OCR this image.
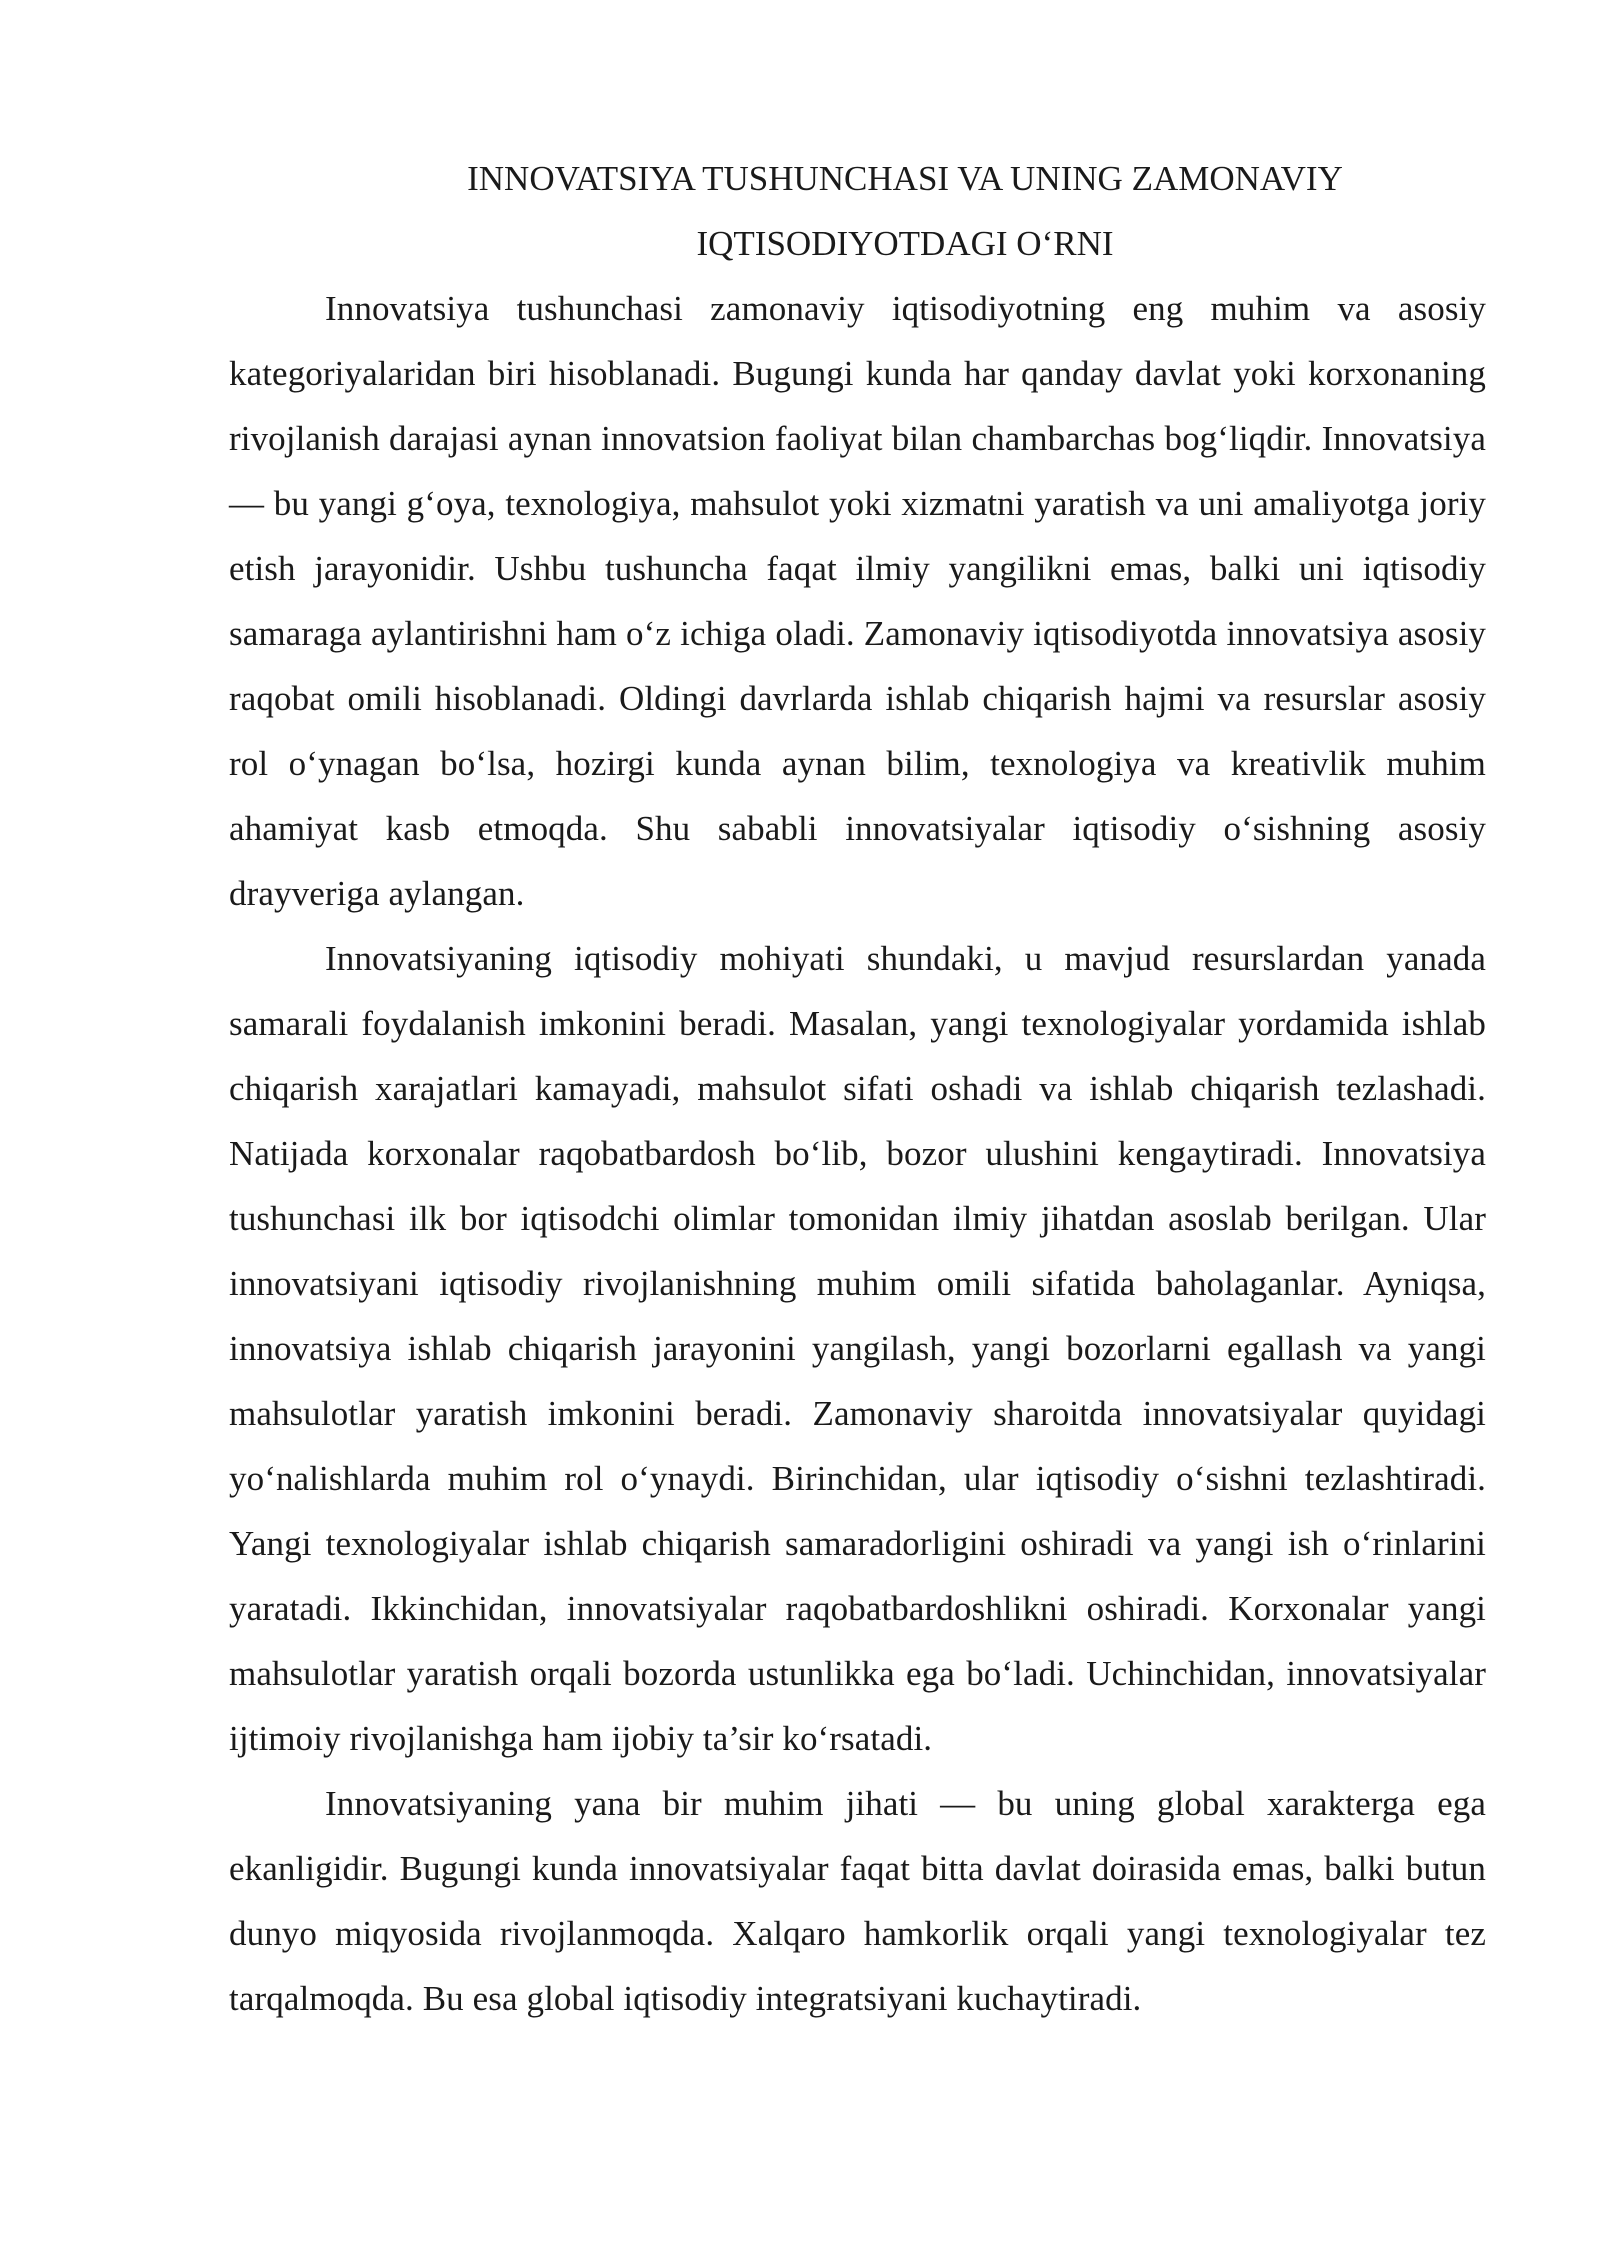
INNOVATSIYA TUSHUNCHASI VA UNING ZAMONAVIY
IQTISODIYOTDAGI O‘RNI

Innovatsiya tushunchasi zamonaviy iqtisodiyotning eng muhim va asosiy kategoriyalaridan biri hisoblanadi. Bugungi kunda har qanday davlat yoki korxonaning rivojlanish darajasi aynan innovatsion faoliyat bilan chambarchas bog‘liqdir. Innovatsiya — bu yangi g‘oya, texnologiya, mahsulot yoki xizmatni yaratish va uni amaliyotga joriy etish jarayonidir. Ushbu tushuncha faqat ilmiy yangilikni emas, balki uni iqtisodiy samaraga aylantirishni ham o‘z ichiga oladi. Zamonaviy iqtisodiyotda innovatsiya asosiy raqobat omili hisoblanadi. Oldingi davrlarda ishlab chiqarish hajmi va resurslar asosiy rol o‘ynagan bo‘lsa, hozirgi kunda aynan bilim, texnologiya va kreativlik muhim ahamiyat kasb etmoqda. Shu sababli innovatsiyalar iqtisodiy o‘sishning asosiy drayveriga aylangan.

Innovatsiyaning iqtisodiy mohiyati shundaki, u mavjud resurslardan yanada samarali foydalanish imkonini beradi. Masalan, yangi texnologiyalar yordamida ishlab chiqarish xarajatlari kamayadi, mahsulot sifati oshadi va ishlab chiqarish tezlashadi. Natijada korxonalar raqobatbardosh bo‘lib, bozor ulushini kengaytiradi. Innovatsiya tushunchasi ilk bor iqtisodchi olimlar tomonidan ilmiy jihatdan asoslab berilgan. Ular innovatsiyani iqtisodiy rivojlanishning muhim omili sifatida baholaganlar. Ayniqsa, innovatsiya ishlab chiqarish jarayonini yangilash, yangi bozorlarni egallash va yangi mahsulotlar yaratish imkonini beradi. Zamonaviy sharoitda innovatsiyalar quyidagi yo‘nalishlarda muhim rol o‘ynaydi. Birinchidan, ular iqtisodiy o‘sishni tezlashtiradi. Yangi texnologiyalar ishlab chiqarish samaradorligini oshiradi va yangi ish o‘rinlarini yaratadi. Ikkinchidan, innovatsiyalar raqobatbardoshlikni oshiradi. Korxonalar yangi mahsulotlar yaratish orqali bozorda ustunlikka ega bo‘ladi. Uchinchidan, innovatsiyalar ijtimoiy rivojlanishga ham ijobiy ta’sir ko‘rsatadi.

Innovatsiyaning yana bir muhim jihati — bu uning global xarakterga ega ekanligidir. Bugungi kunda innovatsiyalar faqat bitta davlat doirasida emas, balki butun dunyo miqyosida rivojlanmoqda. Xalqaro hamkorlik orqali yangi texnologiyalar tez tarqalmoqda. Bu esa global iqtisodiy integratsiyani kuchaytiradi.
